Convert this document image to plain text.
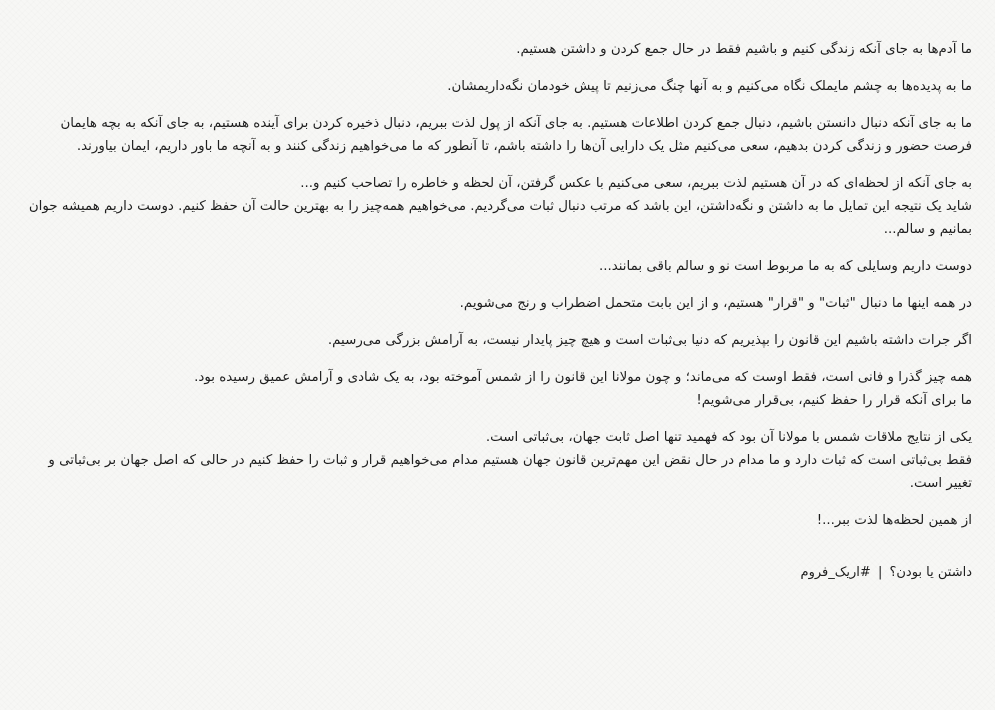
ما آدم‌ها به جای آنکه زندگی کنیم و باشیم فقط در حال جمع کردن و داشتن هستیم.
ما به پدیده‌ها به چشم مایملک نگاه می‌کنیم و به آنها چنگ می‌زنیم تا پیش خودمان نگه‌داریمشان.
ما به جای آنکه دنبال دانستن باشیم، دنبال جمع کردن اطلاعات هستیم. به جای آنکه از پول لذت ببریم، دنبال ذخیره کردن برای آینده هستیم، به جای آنکه به بچه هایمان فرصت حضور و زندگی کردن بدهیم، سعی می‌کنیم مثل یک دارایی آن‌ها را داشته باشم، تا آنطور که ما می‌خواهیم زندگی کنند و به آنچه ما باور داریم، ایمان بیاورند.
به جای آنکه از لحظه‌ای که در آن هستیم لذت ببریم، سعی می‌کنیم با عکس گرفتن، آن لحظه و خاطره را تصاحب کنیم و...
شاید یک نتیجه این تمایل ما به داشتن و نگه‌داشتن، این باشد که مرتب دنبال ثبات می‌گردیم. می‌خواهیم همه‌چیز را به بهترین حالت آن حفظ کنیم. دوست داریم همیشه جوان بمانیم و سالم...
دوست داریم وسایلی که به ما مربوط است نو و سالم باقی بمانند...
در همه اینها ما دنبال "ثبات" و "قرار" هستیم، و از این بابت متحمل اضطراب و رنج می‌شویم.
اگر جرات داشته باشیم این قانون را بپذیریم که دنیا بی‌ثبات است و هیچ چیز پایدار نیست، به آرامش بزرگی می‌رسیم.
همه چیز گذرا و فانی است، فقط اوست که می‌ماند؛ و چون مولانا این قانون را از شمس آموخته بود، به یک شادی و آرامش عمیق رسیده بود.
ما برای آنکه قرار را حفظ کنیم، بی‌قرار می‌شویم!
یکی از نتایج ملاقات شمس با مولانا آن بود که فهمید تنها اصل ثابت جهان، بی‌ثباتی است.
فقط بی‌ثباتی است که ثبات دارد و ما مدام در حال نقض این مهم‌ترین قانون جهان هستیم مدام می‌خواهیم قرار و ثبات را حفظ کنیم در حالی که اصل جهان بر بی‌ثباتی و تغییر است.
از همین لحظه‌ها لذت ببر...!
داشتن یا بودن؟ | #اریک_فروم
